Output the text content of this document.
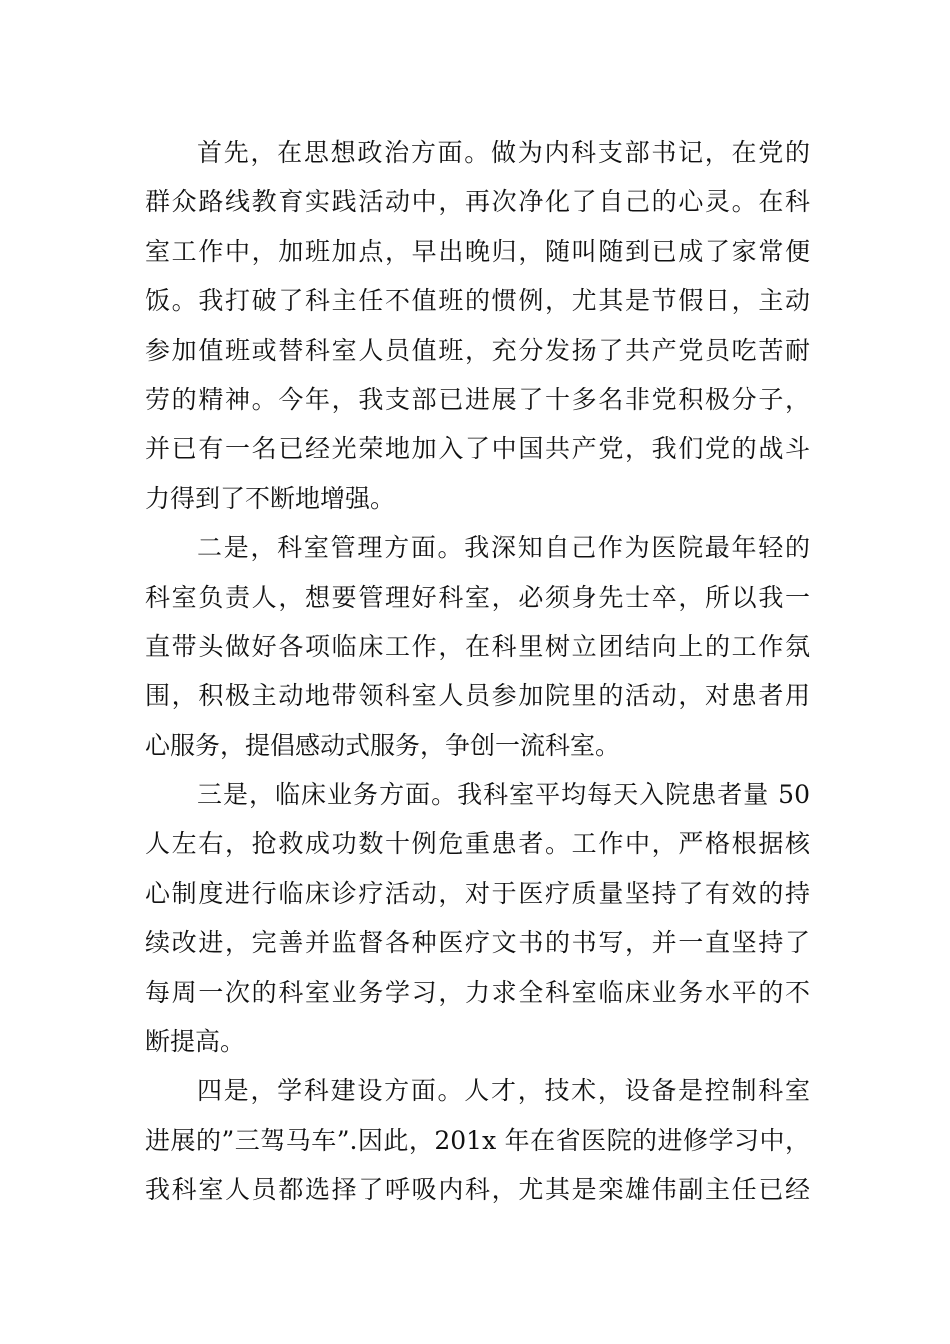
首先，在思想政治方面。做为内科支部书记，在党的
群众路线教育实践活动中，再次净化了自己的心灵。在科
室工作中，加班加点，早出晚归，随叫随到已成了家常便
饭。我打破了科主任不值班的惯例，尤其是节假日，主动
参加值班或替科室人员值班，充分发扬了共产党员吃苦耐
劳的精神。今年，我支部已进展了十多名非党积极分子，
并已有一名已经光荣地加入了中国共产党，我们党的战斗
力得到了不断地增强。
二是，科室管理方面。我深知自己作为医院最年轻的
科室负责人，想要管理好科室，必须身先士卒，所以我一
直带头做好各项临床工作，在科里树立团结向上的工作氛
围，积极主动地带领科室人员参加院里的活动，对患者用
心服务，提倡感动式服务，争创一流科室。
三是，临床业务方面。我科室平均每天入院患者量 50
人左右，抢救成功数十例危重患者。工作中，严格根据核
心制度进行临床诊疗活动，对于医疗质量坚持了有效的持
续改进，完善并监督各种医疗文书的书写，并一直坚持了
每周一次的科室业务学习，力求全科室临床业务水平的不
断提高。
四是，学科建设方面。人才，技术，设备是控制科室
进展的”三驾马车”.因此，201x 年在省医院的进修学习中，
我科室人员都选择了呼吸内科，尤其是栾雄伟副主任已经
